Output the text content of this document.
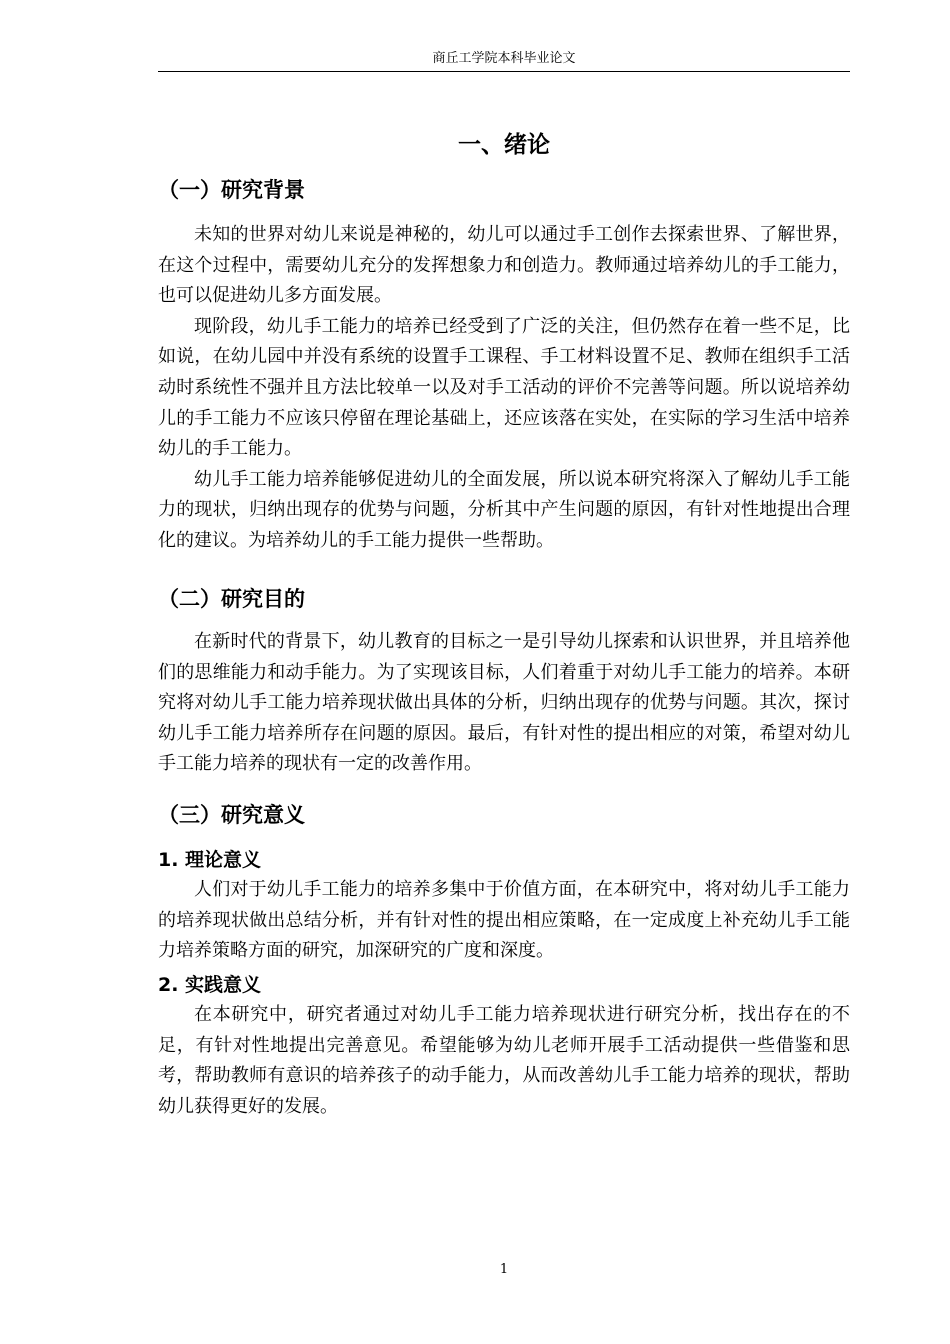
商丘工学院本科毕业论文
一、绪论
（一）研究背景

未知的世界对幼儿来说是神秘的，幼儿可以通过手工创作去探索世界、了解世界，在这个过程中，需要幼儿充分的发挥想象力和创造力。教师通过培养幼儿的手工能力，也可以促进幼儿多方面发展。

现阶段，幼儿手工能力的培养已经受到了广泛的关注，但仍然存在着一些不足，比如说，在幼儿园中并没有系统的设置手工课程、手工材料设置不足、教师在组织手工活动时系统性不强并且方法比较单一以及对手工活动的评价不完善等问题。所以说培养幼儿的手工能力不应该只停留在理论基础上，还应该落在实处，在实际的学习生活中培养幼儿的手工能力。

幼儿手工能力培养能够促进幼儿的全面发展，所以说本研究将深入了解幼儿手工能力的现状，归纳出现存的优势与问题，分析其中产生问题的原因，有针对性地提出合理化的建议。为培养幼儿的手工能力提供一些帮助。

（二）研究目的

在新时代的背景下，幼儿教育的目标之一是引导幼儿探索和认识世界，并且培养他们的思维能力和动手能力。为了实现该目标，人们着重于对幼儿手工能力的培养。本研究将对幼儿手工能力培养现状做出具体的分析，归纳出现存的优势与问题。其次，探讨幼儿手工能力培养所存在问题的原因。最后，有针对性的提出相应的对策，希望对幼儿手工能力培养的现状有一定的改善作用。

（三）研究意义
1. 理论意义

人们对于幼儿手工能力的培养多集中于价值方面，在本研究中，将对幼儿手工能力的培养现状做出总结分析，并有针对性的提出相应策略，在一定成度上补充幼儿手工能力培养策略方面的研究，加深研究的广度和深度。

2. 实践意义

在本研究中，研究者通过对幼儿手工能力培养现状进行研究分析，找出存在的不足，有针对性地提出完善意见。希望能够为幼儿老师开展手工活动提供一些借鉴和思考，帮助教师有意识的培养孩子的动手能力，从而改善幼儿手工能力培养的现状，帮助幼儿获得更好的发展。

1
